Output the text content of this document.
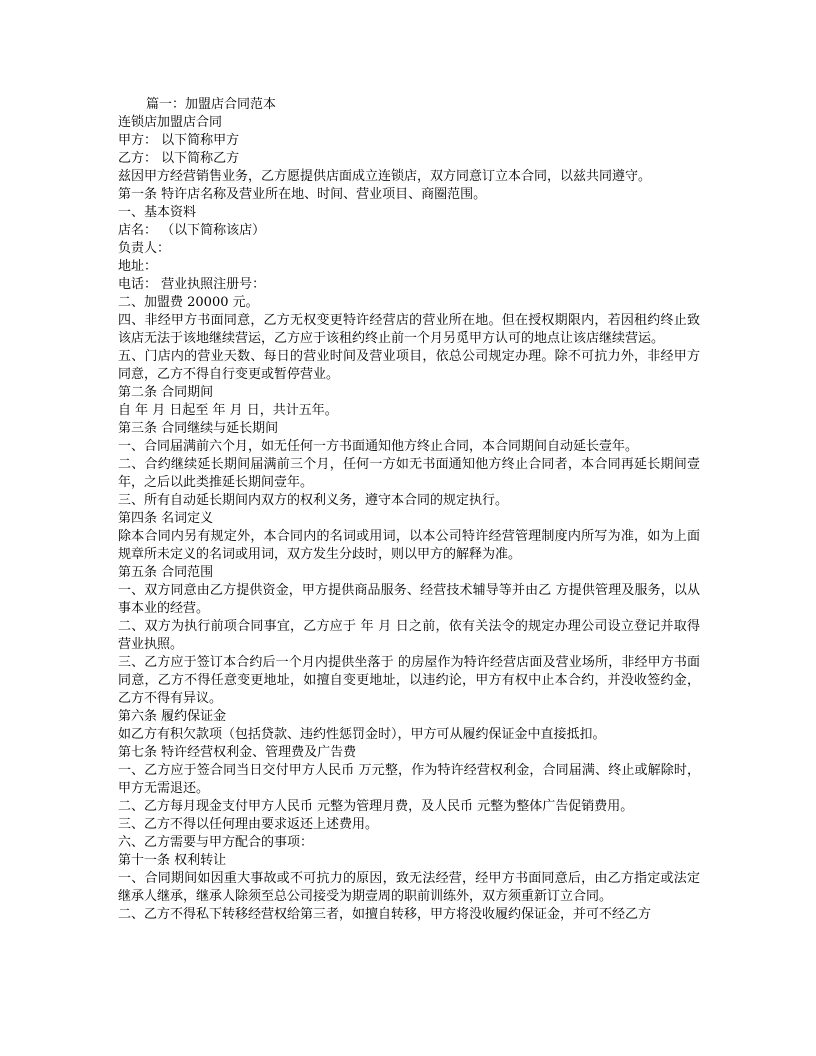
篇一：加盟店合同范本

连锁店加盟店合同

甲方： 以下简称甲方

乙方： 以下简称乙方

兹因甲方经营销售业务，乙方愿提供店面成立连锁店，双方同意订立本合同，以兹共同遵守。

第一条 特许店名称及营业所在地、时间、营业项目、商圈范围。

一、基本资料

店名： （以下简称该店）

负责人：

地址：

电话： 营业执照注册号：

二、加盟费 20000 元。

四、非经甲方书面同意，乙方无权变更特许经营店的营业所在地。但在授权期限内，若因租约终止致该店无法于该地继续营运，乙方应于该租约终止前一个月另觅甲方认可的地点让该店继续营运。

五、门店内的营业天数、每日的营业时间及营业项目，依总公司规定办理。除不可抗力外，非经甲方同意，乙方不得自行变更或暂停营业。

第二条 合同期间

自 年 月 日起至 年 月 日，共计五年。

第三条 合同继续与延长期间

一、合同届满前六个月，如无任何一方书面通知他方终止合同，本合同期间自动延长壹年。

二、合约继续延长期间届满前三个月，任何一方如无书面通知他方终止合同者，本合同再延长期间壹年，之后以此类推延长期间壹年。

三、所有自动延长期间内双方的权利义务，遵守本合同的规定执行。

第四条 名词定义

除本合同内另有规定外，本合同内的名词或用词，以本公司特许经营管理制度内所写为准，如为上面规章所未定义的名词或用词，双方发生分歧时，则以甲方的解释为准。

第五条 合同范围

一、双方同意由乙方提供资金，甲方提供商品服务、经营技术辅导等并由乙 方提供管理及服务，以从事本业的经营。

二、双方为执行前项合同事宜，乙方应于 年 月 日之前，依有关法令的规定办理公司设立登记并取得营业执照。

三、乙方应于签订本合约后一个月内提供坐落于 的房屋作为特许经营店面及营业场所，非经甲方书面同意，乙方不得任意变更地址，如擅自变更地址，以违约论，甲方有权中止本合约，并没收签约金，乙方不得有异议。

第六条 履约保证金

如乙方有积欠款项（包括贷款、违约性惩罚金时），甲方可从履约保证金中直接抵扣。

第七条 特许经营权利金、管理费及广告费

一、乙方应于签合同当日交付甲方人民币 万元整，作为特许经营权利金，合同届满、终止或解除时，甲方无需退还。

二、乙方每月现金支付甲方人民币 元整为管理月费，及人民币 元整为整体广告促销费用。

三、乙方不得以任何理由要求返还上述费用。

六、乙方需要与甲方配合的事项：

第十一条 权利转让

一、合同期间如因重大事故或不可抗力的原因，致无法经营，经甲方书面同意后，由乙方指定或法定继承人继承，继承人除须至总公司接受为期壹周的职前训练外，双方须重新订立合同。

二、乙方不得私下转移经营权给第三者，如擅自转移，甲方将没收履约保证金，并可不经乙方
